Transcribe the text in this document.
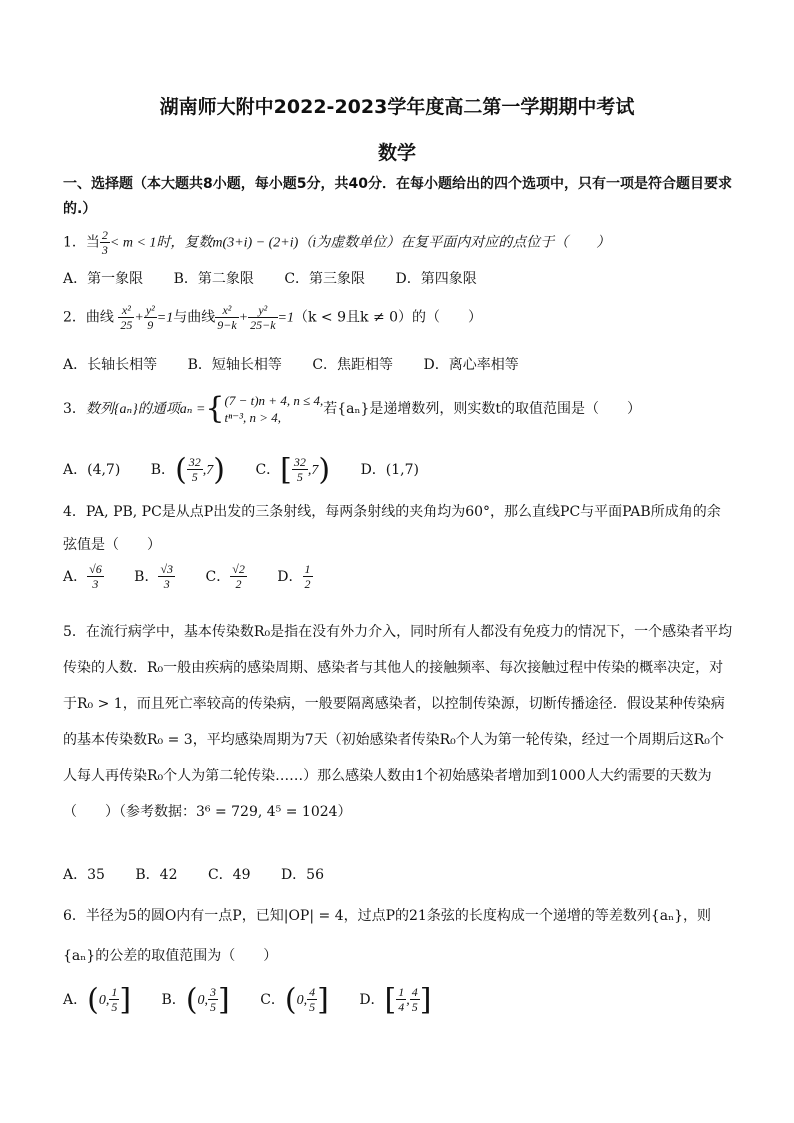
湖南师大附中2022-2023学年度高二第一学期期中考试
数学
一、选择题（本大题共8小题，每小题5分，共40分．在每小题给出的四个选项中，只有一项是符合题目要求的.）
1．当 $\frac{2}{3} < m < 1$时，复数m(3+i) − (2+i)（i为虚数单位）在复平面内对应的点位于（　　）
A．第一象限 B．第二象限 C．第三象限 D．第四象限
2．曲线 $\frac{\text{x²}}{25} + \frac{\text{y²}}{9} =1$与曲线 $\frac{\text{x²}}{9-k} + \frac{\text{y²}}{25-k} =1(k < 9$且k ≠ 0）的（　　）
A．长轴长相等 B．短轴长相等 C．焦距相等 D．离心率相等
3．数列{aₙ}的通项aₙ ={(7 − t)n + 4, n ≤ 4,
tⁿ⁻³, n > 4,若{aₙ}是递增数列，则实数t的取值范围是（　　）
A．(4,7) B．( $\frac{32}{5} ,7$) C．[ $\frac{32}{5} ,7$) D．(1,7)
4．PA, PB, PC是从点P出发的三条射线，每两条射线的夹角均为60°，那么直线PC与平面PAB所成角的余弦值是（　　）
A． $\frac{√6}{3}$ B． $\frac{√3}{3}$ C． $\frac{√2}{2}$ D． $\frac{1}{2}$
5．在流行病学中，基本传染数R₀是指在没有外力介入，同时所有人都没有免疫力的情况下，一个感染者平均传染的人数．R₀一般由疾病的感染周期、感染者与其他人的接触频率、每次接触过程中传染的概率决定，对于R₀ > 1，而且死亡率较高的传染病，一般要隔离感染者，以控制传染源，切断传播途径．假设某种传染病的基本传染数R₀ = 3，平均感染周期为7天（初始感染者传染R₀个人为第一轮传染，经过一个周期后这R₀个人每人再传染R₀个人为第二轮传染……）那么感染人数由1个初始感染者增加到1000人大约需要的天数为（　　）（参考数据：3⁶ = 729, 4⁵ = 1024）
A．35 B．42 C．49 D．56
6．半径为5的圆O内有一点P，已知|OP| = 4，过点P的21条弦的长度构成一个递增的等差数列{aₙ}，则{aₙ}的公差的取值范围为（　　）
A．(0, $\frac{1}{5}$ ] B．(0, $\frac{3}{5}$ ] C．(0, $\frac{4}{5}$ ] D．[ $\frac{1}{4}$ , $\frac{4}{5}$ ]
